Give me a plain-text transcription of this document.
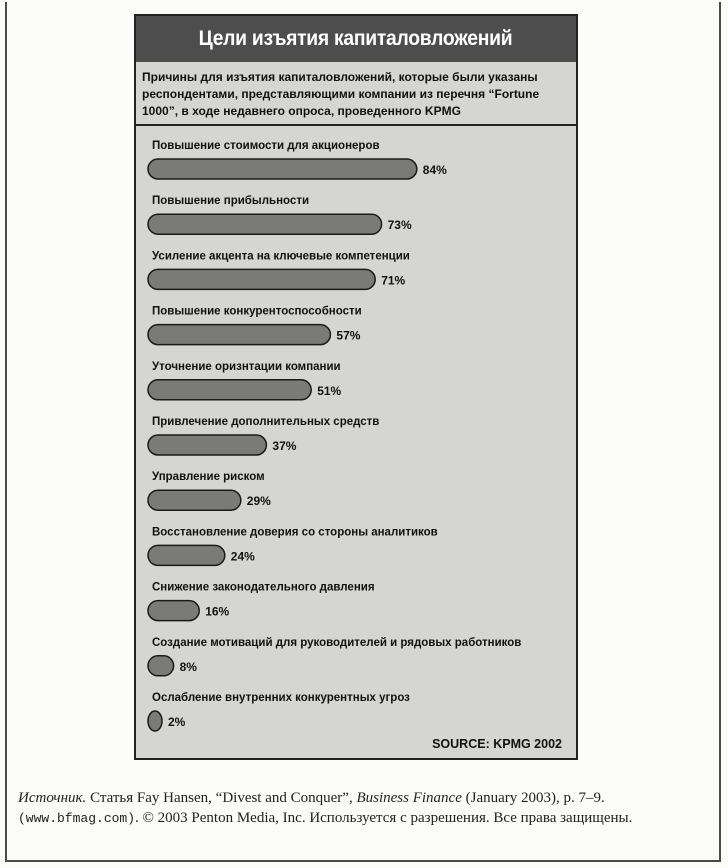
Цели изъятия капиталовложений
Причины для изъятия капиталовложений, которые были указаны респондентами, представляющими компании из перечня “Fortune 1000”, в ходе недавнего опроса, проведенного KPMG
Повышение стоимости для акционеров
84%
Повышение прибыльности
73%
Усиление акцента на ключевые компетенции
71%
Повышение конкурентоспособности
57%
Уточнение оризнтации компании
51%
Привлечение дополнительных средств
37%
Управление риском
29%
Восстановление доверия со стороны аналитиков
24%
Снижение законодательного давления
16%
Создание мотиваций для руководителей и рядовых работников
8%
Ослабление внутренних конкурентных угроз
2%
SOURCE: KPMG 2002
Источник. Статья Fay Hansen, “Divest and Conquer”, Business Finance (January 2003), p. 7–9.
(www.bfmag.com). © 2003 Penton Media, Inc. Используется с разрешения. Все права защищены.
